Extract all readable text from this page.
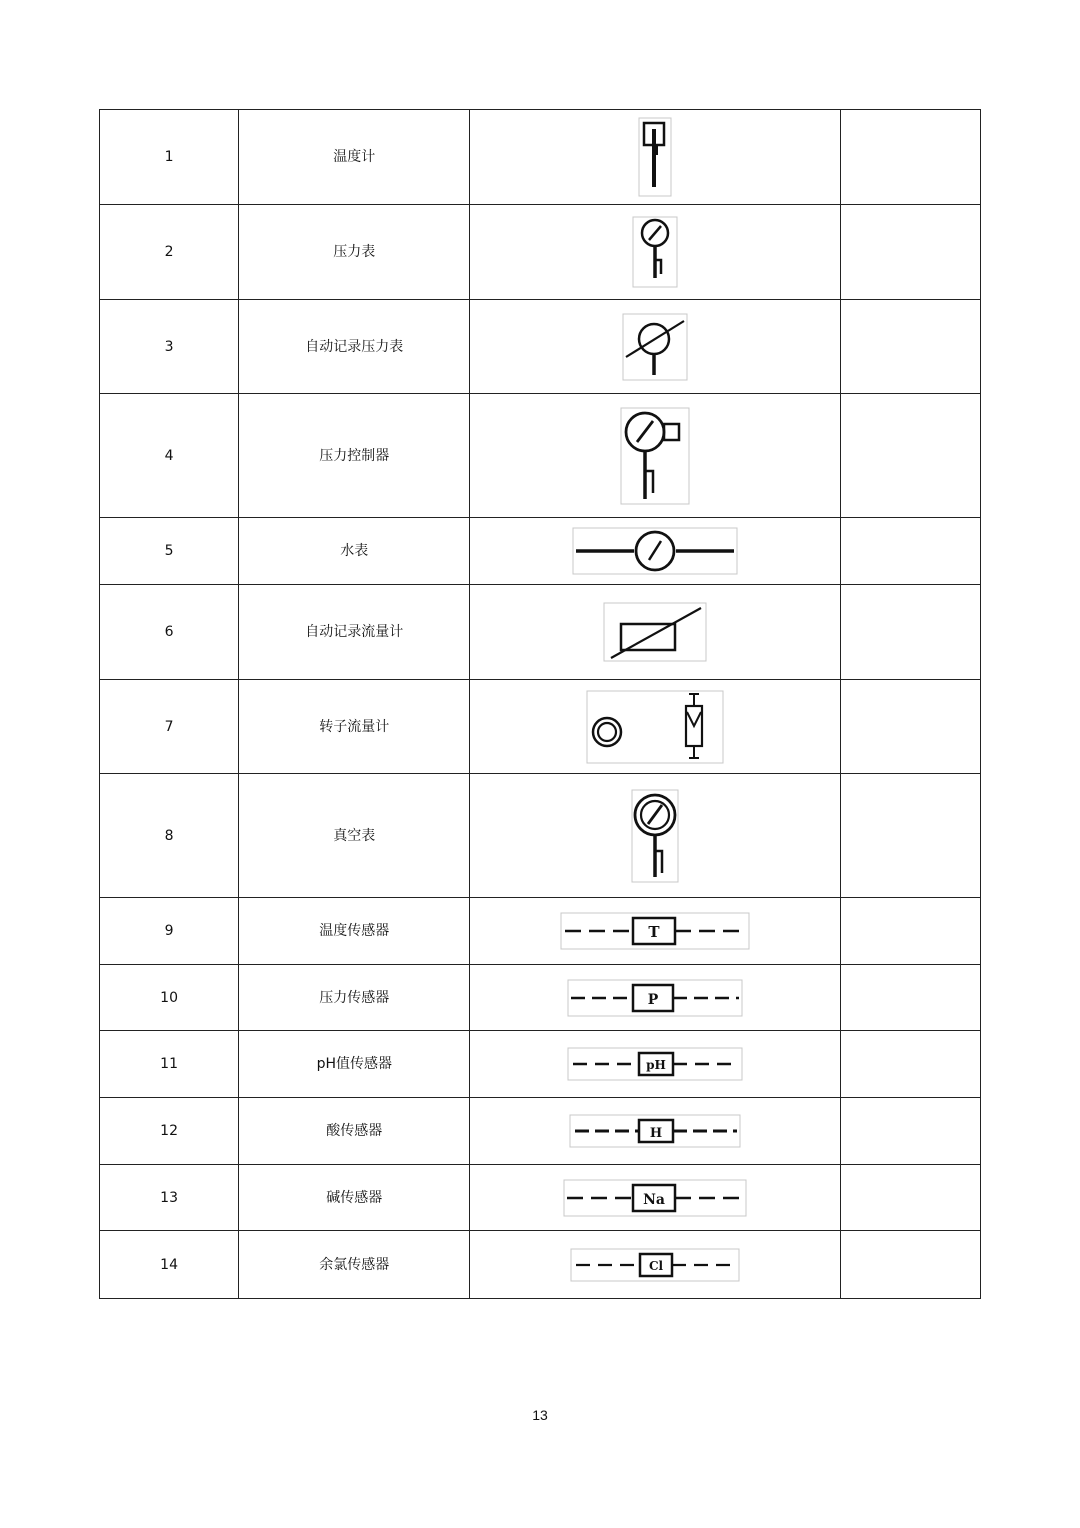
1	温度计	

2	压力表	

3	自动记录压力表	

4	压力控制器	

5	水表	

6	自动记录流量计	

7	转子流量计	

8	真空表	

9	温度传感器	T	

10	压力传感器	P	

11	pH值传感器	pH	

12	酸传感器	H	

13	碱传感器	Na	

14	余氯传感器	Cl	

13
